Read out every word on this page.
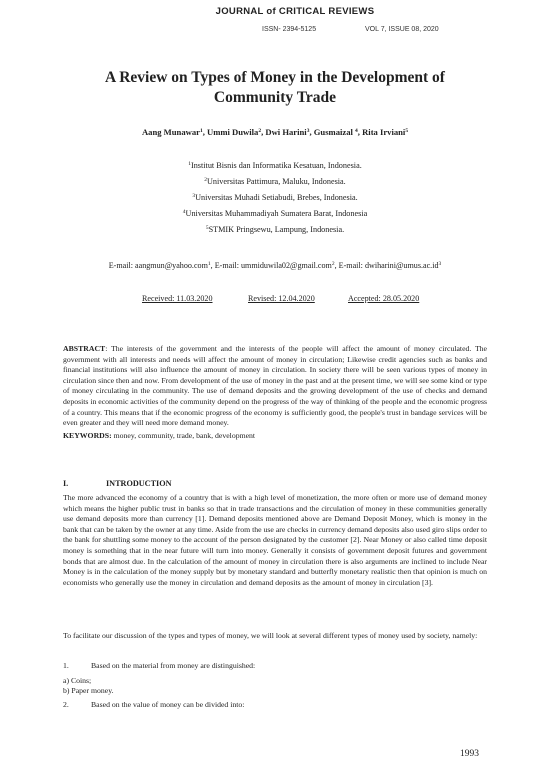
JOURNAL of CRITICAL REVIEWS
ISSN- 2394-5125	VOL 7, ISSUE 08, 2020
A Review on Types of Money in the Development of
Community Trade
Aang Munawar$^1$, Ummi Duwila$^2$, Dwi Harini$^3$, Gusmaizal $^4$, Rita Irviani$^5$
$^1$Institut Bisnis dan Informatika Kesatuan, Indonesia.
$^2$Universitas Pattimura, Maluku, Indonesia.
$^3$Universitas Muhadi Setiabudi, Brebes, Indonesia.
$^4$Universitas Muhammadiyah Sumatera Barat, Indonesia
$^5$STMIK Pringsewu, Lampung, Indonesia.
E-mail: aangmun@yahoo.com$^1$, E-mail: ummiduwila02@gmail.com$^2$, E-mail: $dwiharini@umus.ac.id^3$
Received: 11.03.2020	Revised: 12.04.2020	Accepted: 28.05.2020
ABSTRACT: The interests of the government and the interests of the people will affect the amount of money circulated. The government with all interests and needs will affect the amount of money in circulation; Likewise credit agencies such as banks and financial institutions will also influence the amount of money in circulation. In society there will be seen various types of money in circulation since then and now. From development of the use of money in the past and at the present time, we will see some kind or type of money circulating in the community. The use of demand deposits and the growing development of the use of checks and demand deposits in economic activities of the community depend on the progress of the way of thinking of the people and the economic progress of a country. This means that if the economic progress of the economy is sufficiently good, the people's trust in bandage services will be even greater and they will need more demand money.
KEYWORDS: money, community, trade, bank, development
I.	INTRODUCTION
The more advanced the economy of a country that is with a high level of monetization, the more often or more use of demand money which means the higher public trust in banks so that in trade transactions and the circulation of money in these communities generally use demand deposits more than currency [1]. Demand deposits mentioned above are Demand Deposit Money, which is money in the bank that can be taken by the owner at any time. Aside from the use are checks in currency demand deposits also used giro slips order to the bank for shuttling some money to the account of the person designated by the customer [2]. Near Money or also called time deposit money is something that in the near future will turn into money. Generally it consists of government deposit futures and government bonds that are almost due. In the calculation of the amount of money in circulation there is also arguments are inclined to include Near Money is in the calculation of the money supply but by monetary standard and butterfly monetary realistic then that opinion is much on economists who generally use the money in circulation and demand deposits as the amount of money in circulation [3].
To facilitate our discussion of the types and types of money, we will look at several different types of money used by society, namely:
1.	Based on the material from money are distinguished:
a) Coins;
b) Paper money.
2.	Based on the value of money can be divided into:
1993
